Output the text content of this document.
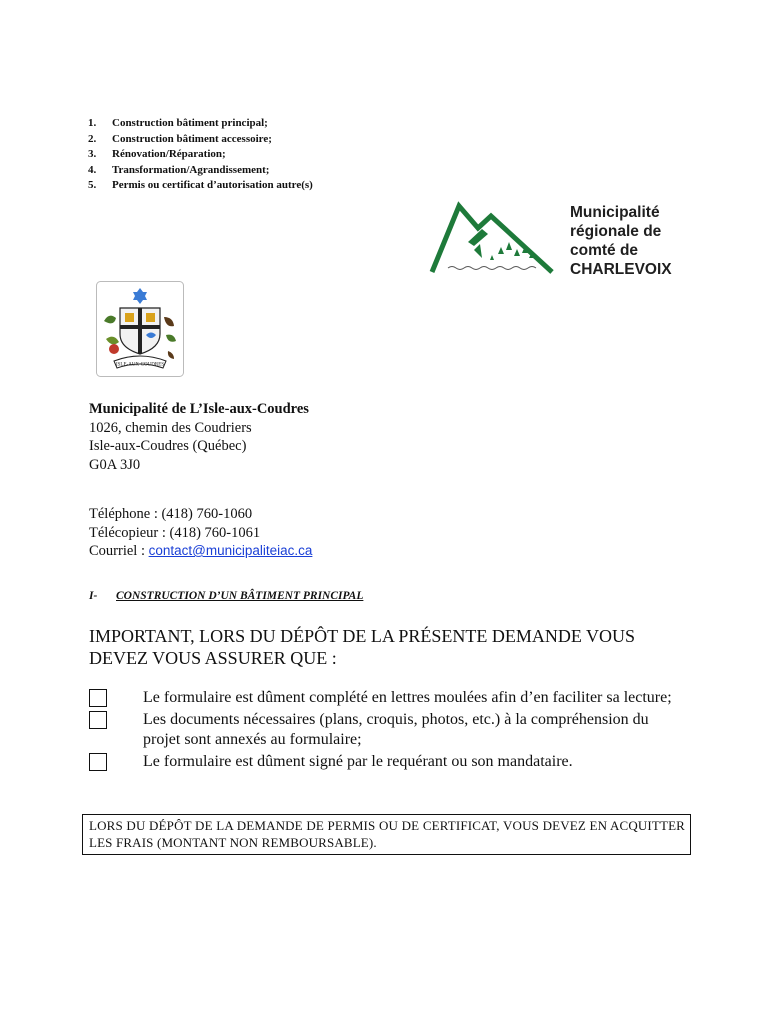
1.	Construction bâtiment principal;
2.	Construction bâtiment accessoire;
3.	Rénovation/Réparation;
4.	Transformation/Agrandissement;
5.	Permis ou certificat d’autorisation autre(s)
Municipalité
régionale de
comté de
CHARLEVOIX
ISLE-AUX-COUDRES
Municipalité de L’Isle-aux-Coudres
1026, chemin des Coudriers
Isle-aux-Coudres (Québec)
G0A 3J0
Téléphone : (418) 760-1060
Télécopieur : (418) 760-1061
Courriel : contact@municipaliteiac.ca
I- CONSTRUCTION D’UN BÂTIMENT PRINCIPAL
IMPORTANT, LORS DU DÉPÔT DE LA PRÉSENTE DEMANDE VOUS
DEVEZ VOUS ASSURER QUE :
Le formulaire est dûment complété en lettres moulées afin d’en faciliter sa lecture;
Les documents nécessaires (plans, croquis, photos, etc.) à la compréhension du projet sont annexés au formulaire;
Le formulaire est dûment signé par le requérant ou son mandataire.
LORS DU DÉPÔT DE LA DEMANDE DE PERMIS OU DE CERTIFICAT, VOUS DEVEZ EN ACQUITTER LES FRAIS (MONTANT NON REMBOURSABLE).
